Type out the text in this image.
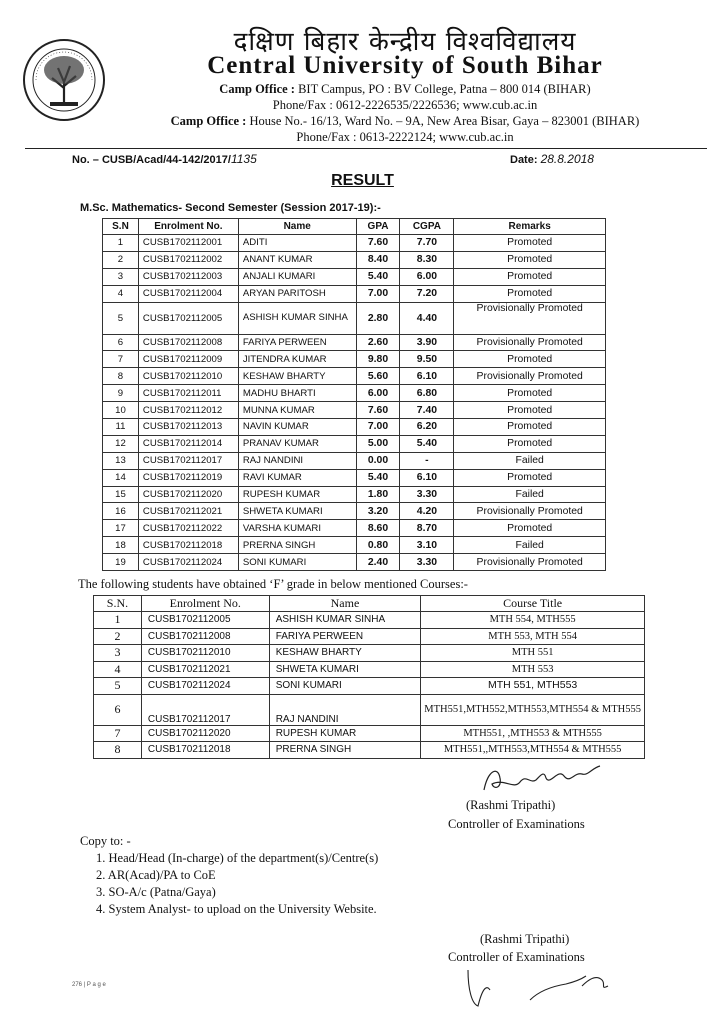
दक्षिण बिहार केन्द्रीय विश्वविद्यालय
Central University of South Bihar
Camp Office : BIT Campus, PO : BV College, Patna – 800 014 (BIHAR)
Phone/Fax : 0612-2226535/2226536; www.cub.ac.in
Camp Office : House No.- 16/13, Ward No. – 9A, New Area Bisar, Gaya – 823001 (BIHAR)
Phone/Fax : 0613-2222124; www.cub.ac.in
No. – CUSB/Acad/44-142/2017/1135	Date: 28.8.2018
RESULT
M.Sc. Mathematics- Second Semester (Session 2017-19):-
S.N	Enrolment No.	Name	GPA	CGPA	Remarks
1	CUSB1702112001	ADITI	7.60	7.70	Promoted
2	CUSB1702112002	ANANT KUMAR	8.40	8.30	Promoted
3	CUSB1702112003	ANJALI KUMARI	5.40	6.00	Promoted
4	CUSB1702112004	ARYAN PARITOSH	7.00	7.20	Promoted
5	CUSB1702112005	ASHISH KUMAR SINHA	2.80	4.40	Provisionally Promoted
6	CUSB1702112008	FARIYA PERWEEN	2.60	3.90	Provisionally Promoted
7	CUSB1702112009	JITENDRA KUMAR	9.80	9.50	Promoted
8	CUSB1702112010	KESHAW BHARTY	5.60	6.10	Provisionally Promoted
9	CUSB1702112011	MADHU BHARTI	6.00	6.80	Promoted
10	CUSB1702112012	MUNNA KUMAR	7.60	7.40	Promoted
11	CUSB1702112013	NAVIN KUMAR	7.00	6.20	Promoted
12	CUSB1702112014	PRANAV KUMAR	5.00	5.40	Promoted
13	CUSB1702112017	RAJ NANDINI	0.00	-	Failed
14	CUSB1702112019	RAVI KUMAR	5.40	6.10	Promoted
15	CUSB1702112020	RUPESH KUMAR	1.80	3.30	Failed
16	CUSB1702112021	SHWETA KUMARI	3.20	4.20	Provisionally Promoted
17	CUSB1702112022	VARSHA KUMARI	8.60	8.70	Promoted
18	CUSB1702112018	PRERNA SINGH	0.80	3.10	Failed
19	CUSB1702112024	SONI KUMARI	2.40	3.30	Provisionally Promoted
The following students have obtained ‘F’ grade in below mentioned Courses:-
S.N.	Enrolment No.	Name	Course Title
1	CUSB1702112005	ASHISH KUMAR SINHA	MTH 554, MTH555
2	CUSB1702112008	FARIYA PERWEEN	MTH 553, MTH 554
3	CUSB1702112010	KESHAW BHARTY	MTH 551
4	CUSB1702112021	SHWETA KUMARI	MTH 553
5	CUSB1702112024	SONI KUMARI	MTH 551, MTH553
6	CUSB1702112017	RAJ NANDINI	MTH551,MTH552,MTH553,MTH554 & MTH555
7	CUSB1702112020	RUPESH KUMAR	MTH551, ,MTH553 & MTH555
8	CUSB1702112018	PRERNA SINGH	MTH551,,MTH553,MTH554 & MTH555
(Rashmi Tripathi)
Controller of Examinations
Copy to: -
1. Head/Head (In-charge) of the department(s)/Centre(s)
2. AR(Acad)/PA to CoE
3. SO-A/c (Patna/Gaya)
4. System Analyst- to upload on the University Website.
(Rashmi Tripathi)
Controller of Examinations
276 | P a g e
